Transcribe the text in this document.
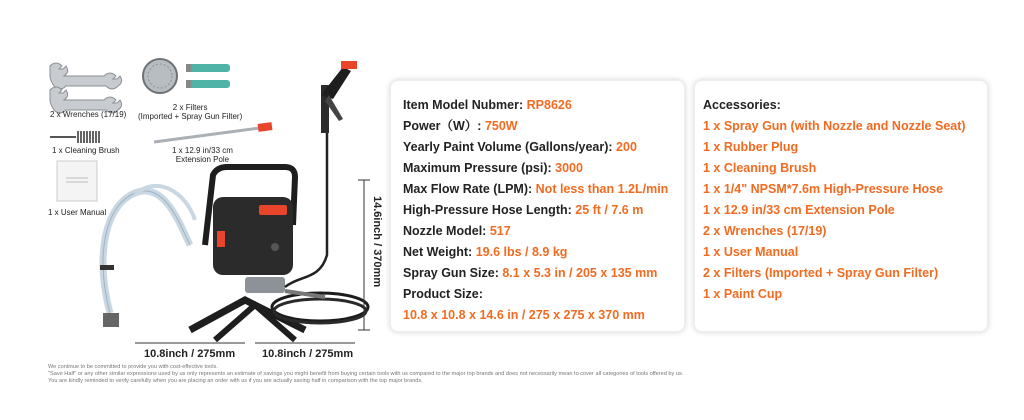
2 x Wrenches (17/19)
2 x Filters
(Imported + Spray Gun Filter)
1 x Cleaning Brush	1 x 12.9 in/33 cm
Extension Pole
1 x User Manual
10.8inch / 275mm 10.8inch / 275mm
14.6inch / 370mm
Item Model Nubmer: RP8626
Power（W）: 750W
Yearly Paint Volume (Gallons/year): 200
Maximum Pressure (psi): 3000
Max Flow Rate (LPM): Not less than 1.2L/min
High-Pressure Hose Length: 25 ft / 7.6 m
Nozzle Model: 517
Net Weight: 19.6 lbs / 8.9 kg
Spray Gun Size: 8.1 x 5.3 in / 205 x 135 mm
Product Size:
10.8 x 10.8 x 14.6 in / 275 x 275 x 370 mm
Accessories:
1 x Spray Gun (with Nozzle and Nozzle Seat)
1 x Rubber Plug
1 x Cleaning Brush
1 x 1/4" NPSM*7.6m High-Pressure Hose
1 x 12.9 in/33 cm Extension Pole
2 x Wrenches (17/19)
1 x User Manual
2 x Filters (Imported + Spray Gun Filter)
1 x Paint Cup
We continue to be committed to provide you with cost-effective tools.
"Save Half" or any other similar expressions used by us only represents an estimate of savings you might benefit from buying certain tools with us compared to the major top brands and does not necessarily mean to cover all categories of tools offered by us.
You are kindly reminded to verify carefully when you are placing an order with us if you are actually saving half in comparison with the top major brands.
